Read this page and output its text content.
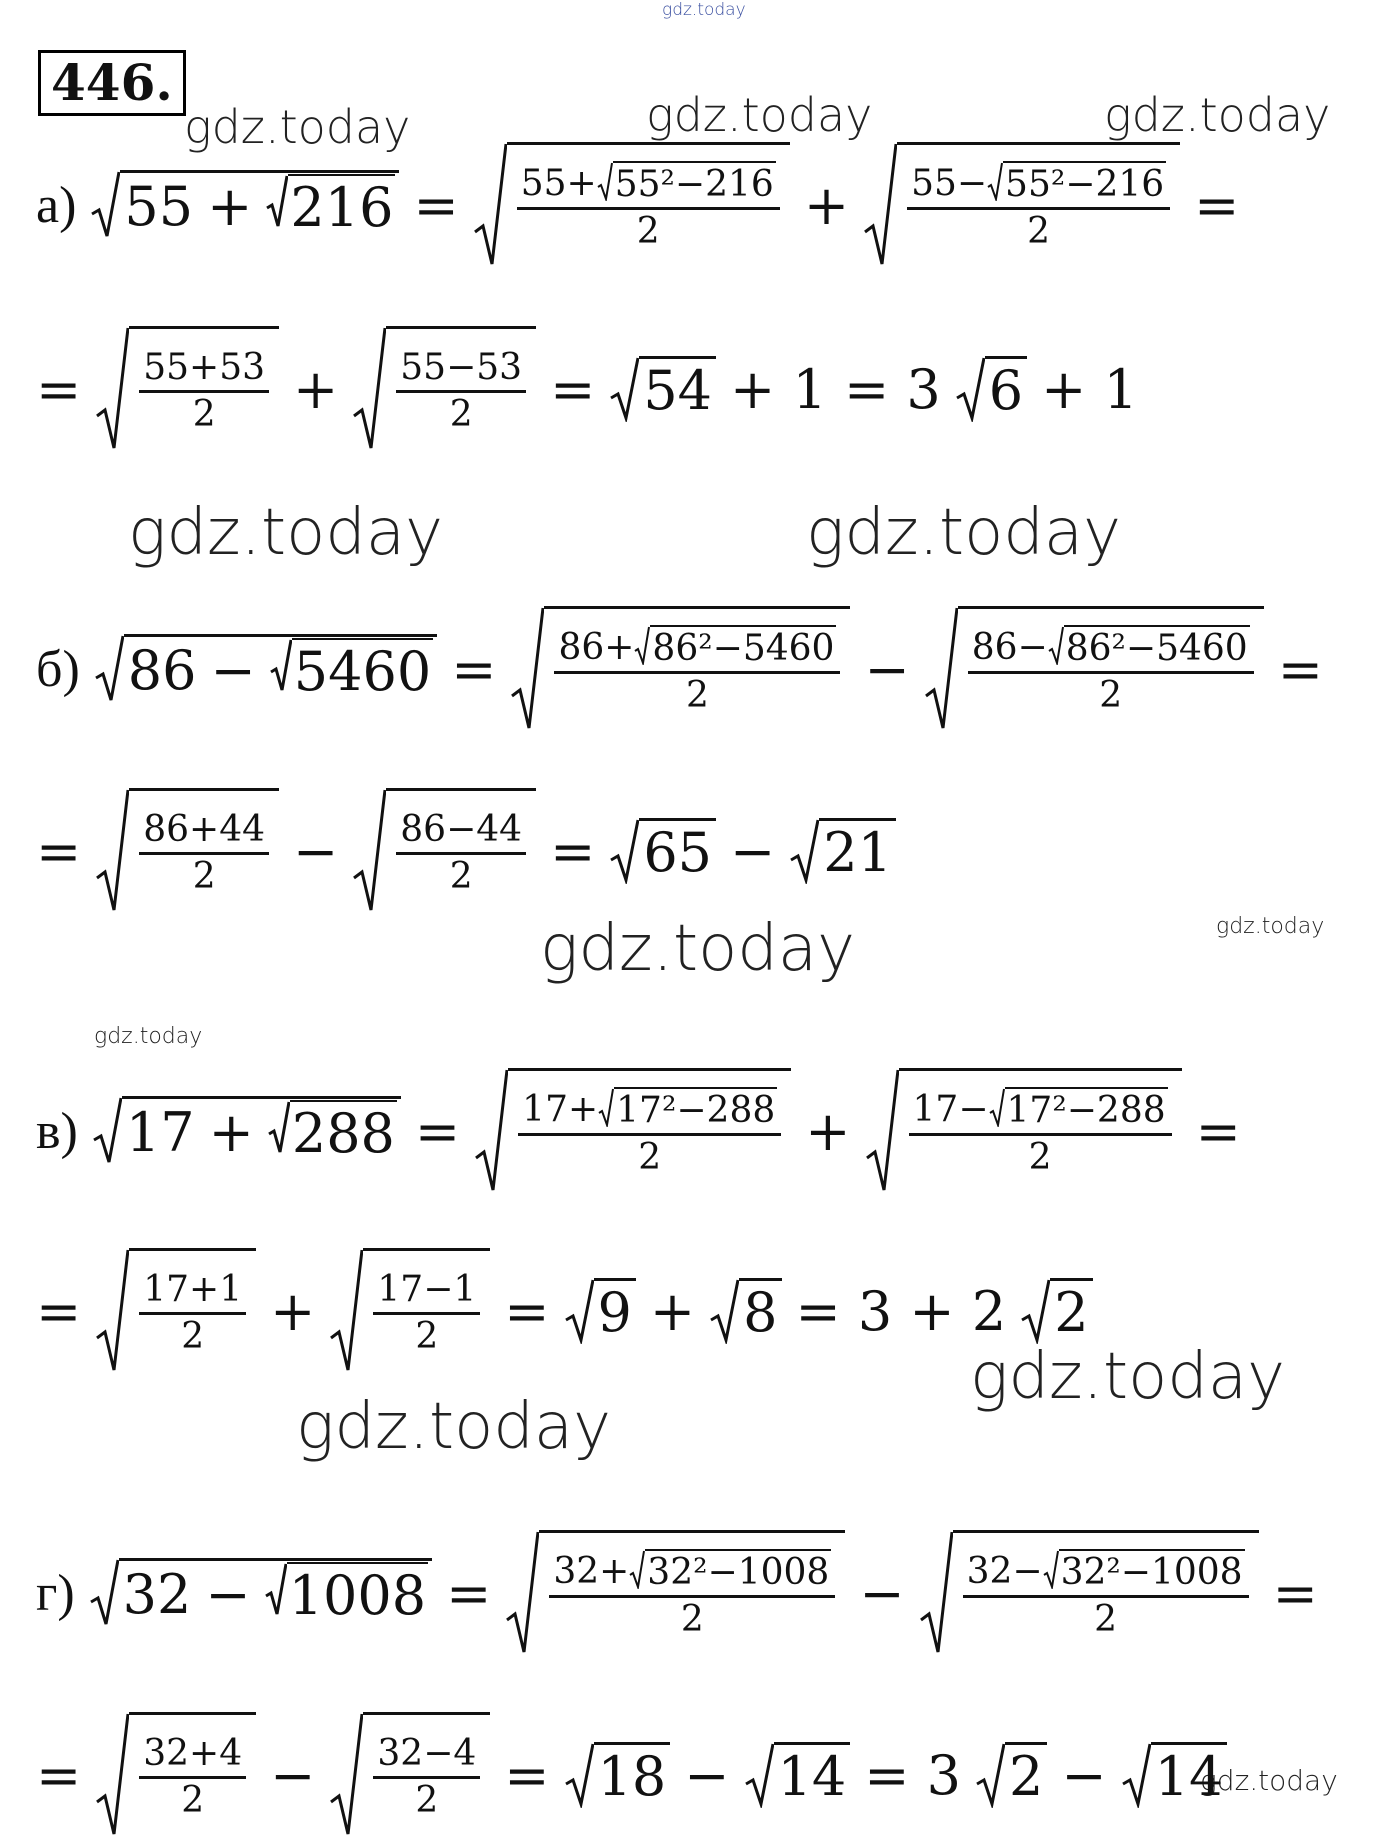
gdz.today
gdz.today	gdz.today	gdz.today
gdz.today	gdz.today
gdz.today	gdz.today
gdz.today
gdz.today
gdz.today
gdz.today
446.
а) $55 + 216 = \frac{\text{55+ 55²−216}}{2} + \frac{\text{55− 55²−216}}{2}$ =
= $\frac{55+53}{2} + \frac{55-53}{2} = 54 + 1 = 3$ 6 + 1
б) $86 - 5460 = \frac{\text{86+ 86²−5460}}{2} - \frac{\text{86− 86²−5460}}{2}$ =
= $\frac{86+44}{2} - \frac{86-44}{2} = 65 - 21$
в) $17 + 288 = \frac{\text{17+ 17²−288}}{2} + \frac{\text{17− 17²−288}}{2}$ =
= $\frac{17+1}{2} + \frac{17-1}{2} = 9 + 8 = 3 + 2$ 2
г) $32 - 1008 = \frac{\text{32+ 32²−1008}}{2} - \frac{\text{32− 32²−1008}}{2}$ =
= $\frac{32+4}{2} - \frac{32-4}{2} = 18 - 14 = 3$ 2 − 14
